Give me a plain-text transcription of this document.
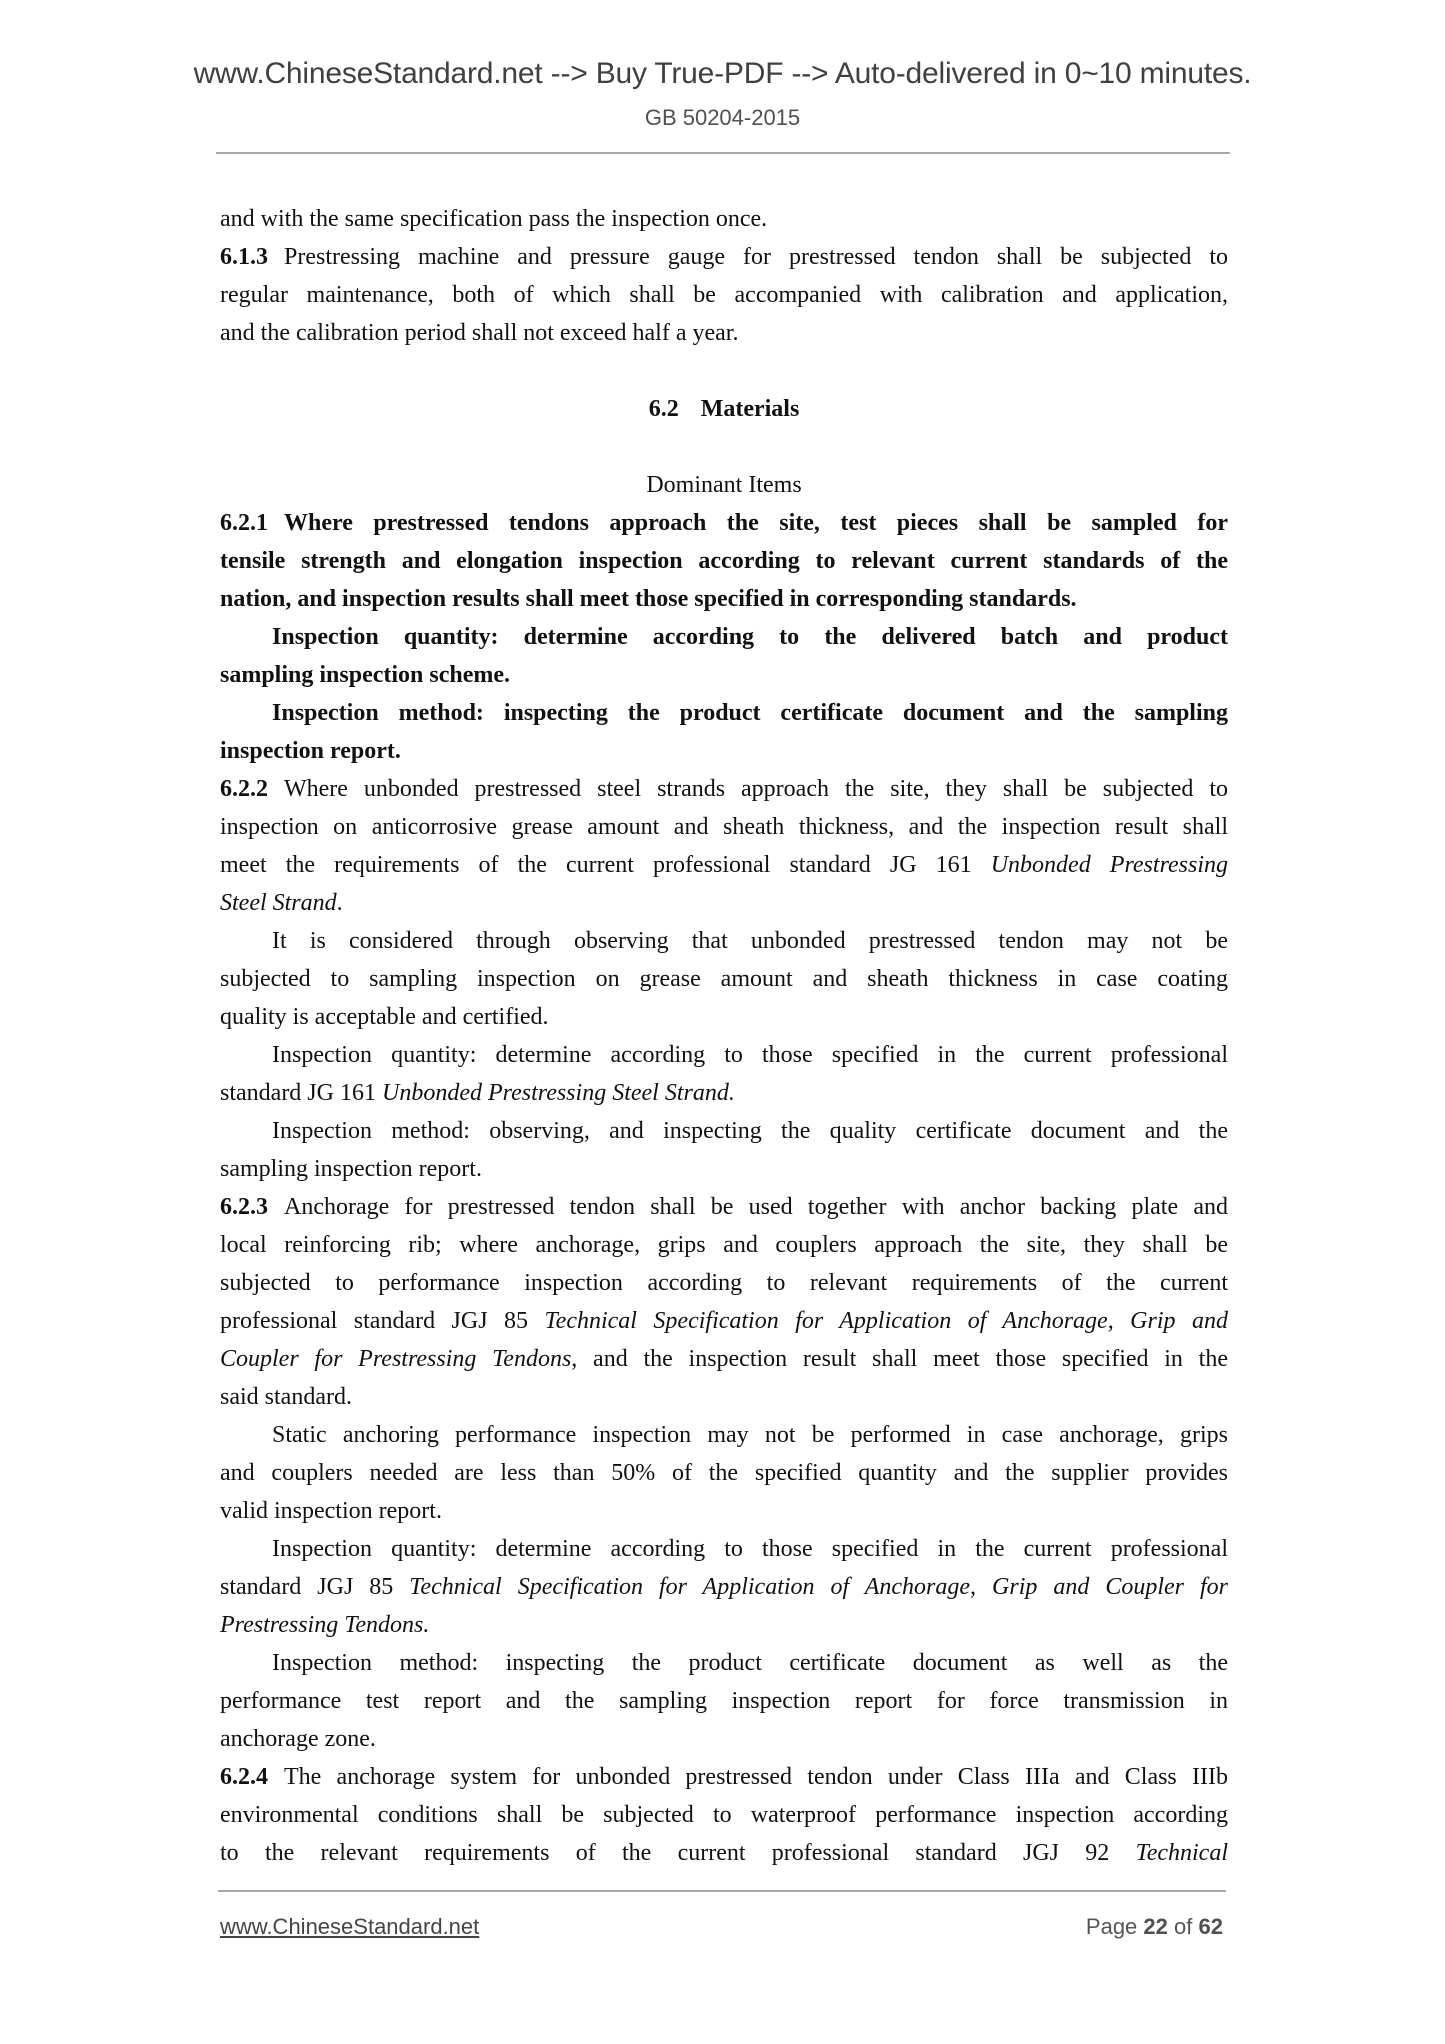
www.ChineseStandard.net --> Buy True-PDF --> Auto-delivered in 0~10 minutes.
GB 50204-2015
and with the same specification pass the inspection once.
6.1.3 Prestressing machine and pressure gauge for prestressed tendon shall be subjected to
regular maintenance, both of which shall be accompanied with calibration and application,
and the calibration period shall not exceed half a year.
6.2 Materials
Dominant Items
6.2.1 Where prestressed tendons approach the site, test pieces shall be sampled for
tensile strength and elongation inspection according to relevant current standards of the
nation, and inspection results shall meet those specified in corresponding standards.
Inspection quantity: determine according to the delivered batch and product
sampling inspection scheme.
Inspection method: inspecting the product certificate document and the sampling
inspection report.
6.2.2 Where unbonded prestressed steel strands approach the site, they shall be subjected to
inspection on anticorrosive grease amount and sheath thickness, and the inspection result shall
meet the requirements of the current professional standard JG 161 Unbonded Prestressing
Steel Strand.
It is considered through observing that unbonded prestressed tendon may not be
subjected to sampling inspection on grease amount and sheath thickness in case coating
quality is acceptable and certified.
Inspection quantity: determine according to those specified in the current professional
standard JG 161 Unbonded Prestressing Steel Strand.
Inspection method: observing, and inspecting the quality certificate document and the
sampling inspection report.
6.2.3 Anchorage for prestressed tendon shall be used together with anchor backing plate and
local reinforcing rib; where anchorage, grips and couplers approach the site, they shall be
subjected to performance inspection according to relevant requirements of the current
professional standard JGJ 85 Technical Specification for Application of Anchorage, Grip and
Coupler for Prestressing Tendons, and the inspection result shall meet those specified in the
said standard.
Static anchoring performance inspection may not be performed in case anchorage, grips
and couplers needed are less than 50% of the specified quantity and the supplier provides
valid inspection report.
Inspection quantity: determine according to those specified in the current professional
standard JGJ 85 Technical Specification for Application of Anchorage, Grip and Coupler for
Prestressing Tendons.
Inspection method: inspecting the product certificate document as well as the
performance test report and the sampling inspection report for force transmission in
anchorage zone.
6.2.4 The anchorage system for unbonded prestressed tendon under Class IIIa and Class IIIb
environmental conditions shall be subjected to waterproof performance inspection according
to the relevant requirements of the current professional standard JGJ 92 Technical
www.ChineseStandard.net	Page 22 of 62
